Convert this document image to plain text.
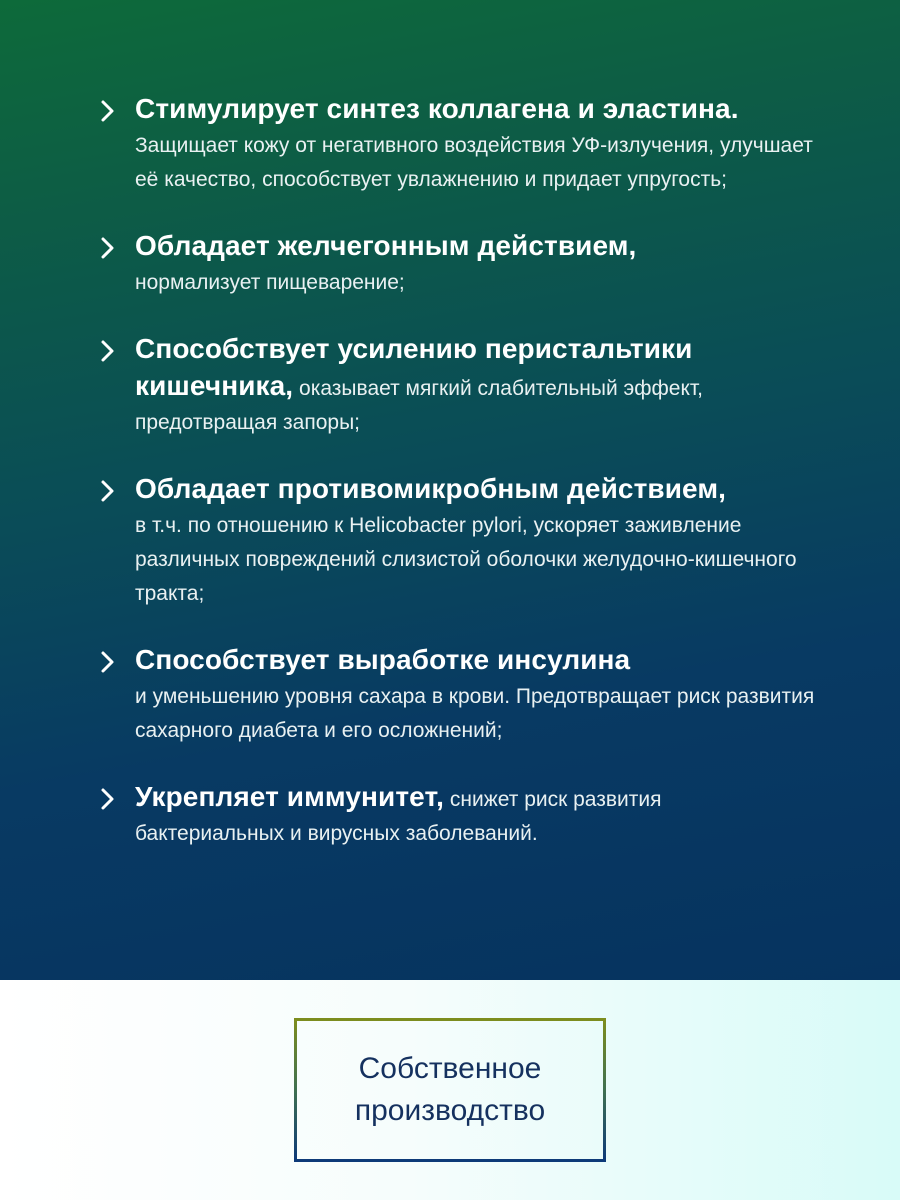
Стимулирует синтез коллагена и эластина.
Защищает кожу от негативного воздействия УФ-излучения, улучшает её качество, способствует увлажнению и придает упругость;
Обладает желчегонным действием,
нормализует пищеварение;
Способствует усилению перистальтики кишечника, оказывает мягкий слабительный эффект, предотвращая запоры;
Обладает противомикробным действием,
в т.ч. по отношению к Helicobacter pylori, ускоряет заживление различных повреждений слизистой оболочки желудочно-кишечного тракта;
Способствует выработке инсулина
и уменьшению уровня сахара в крови. Предотвращает риск развития сахарного диабета и его осложнений;
Укрепляет иммунитет, снижет риск развития бактериальных и вирусных заболеваний.
Собственное
производство
